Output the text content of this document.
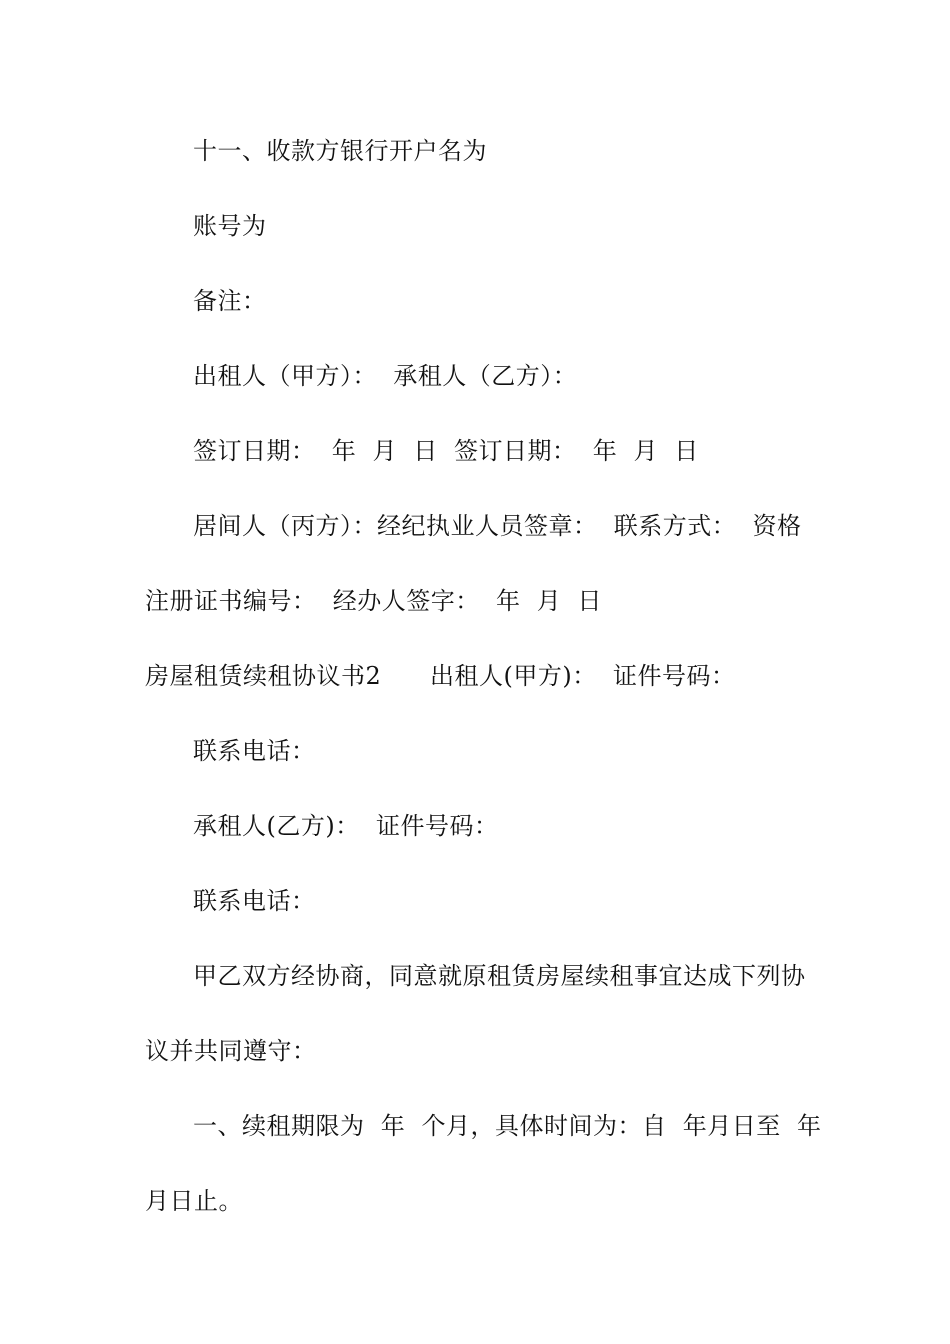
十一、收款方银行开户名为
账号为
备注：
出租人（甲方）：  承租人（乙方）：
签订日期：  年  月  日  签订日期：  年  月  日
居间人（丙方）：经纪执业人员签章：  联系方式：  资格
注册证书编号：  经办人签字：  年  月  日
房屋租赁续租协议书2      出租人(甲方)：  证件号码：
联系电话：
承租人(乙方)：  证件号码：
联系电话：
甲乙双方经协商，同意就原租赁房屋续租事宜达成下列协
议并共同遵守：
一、续租期限为  年  个月，具体时间为：自  年月日至  年
月日止。
